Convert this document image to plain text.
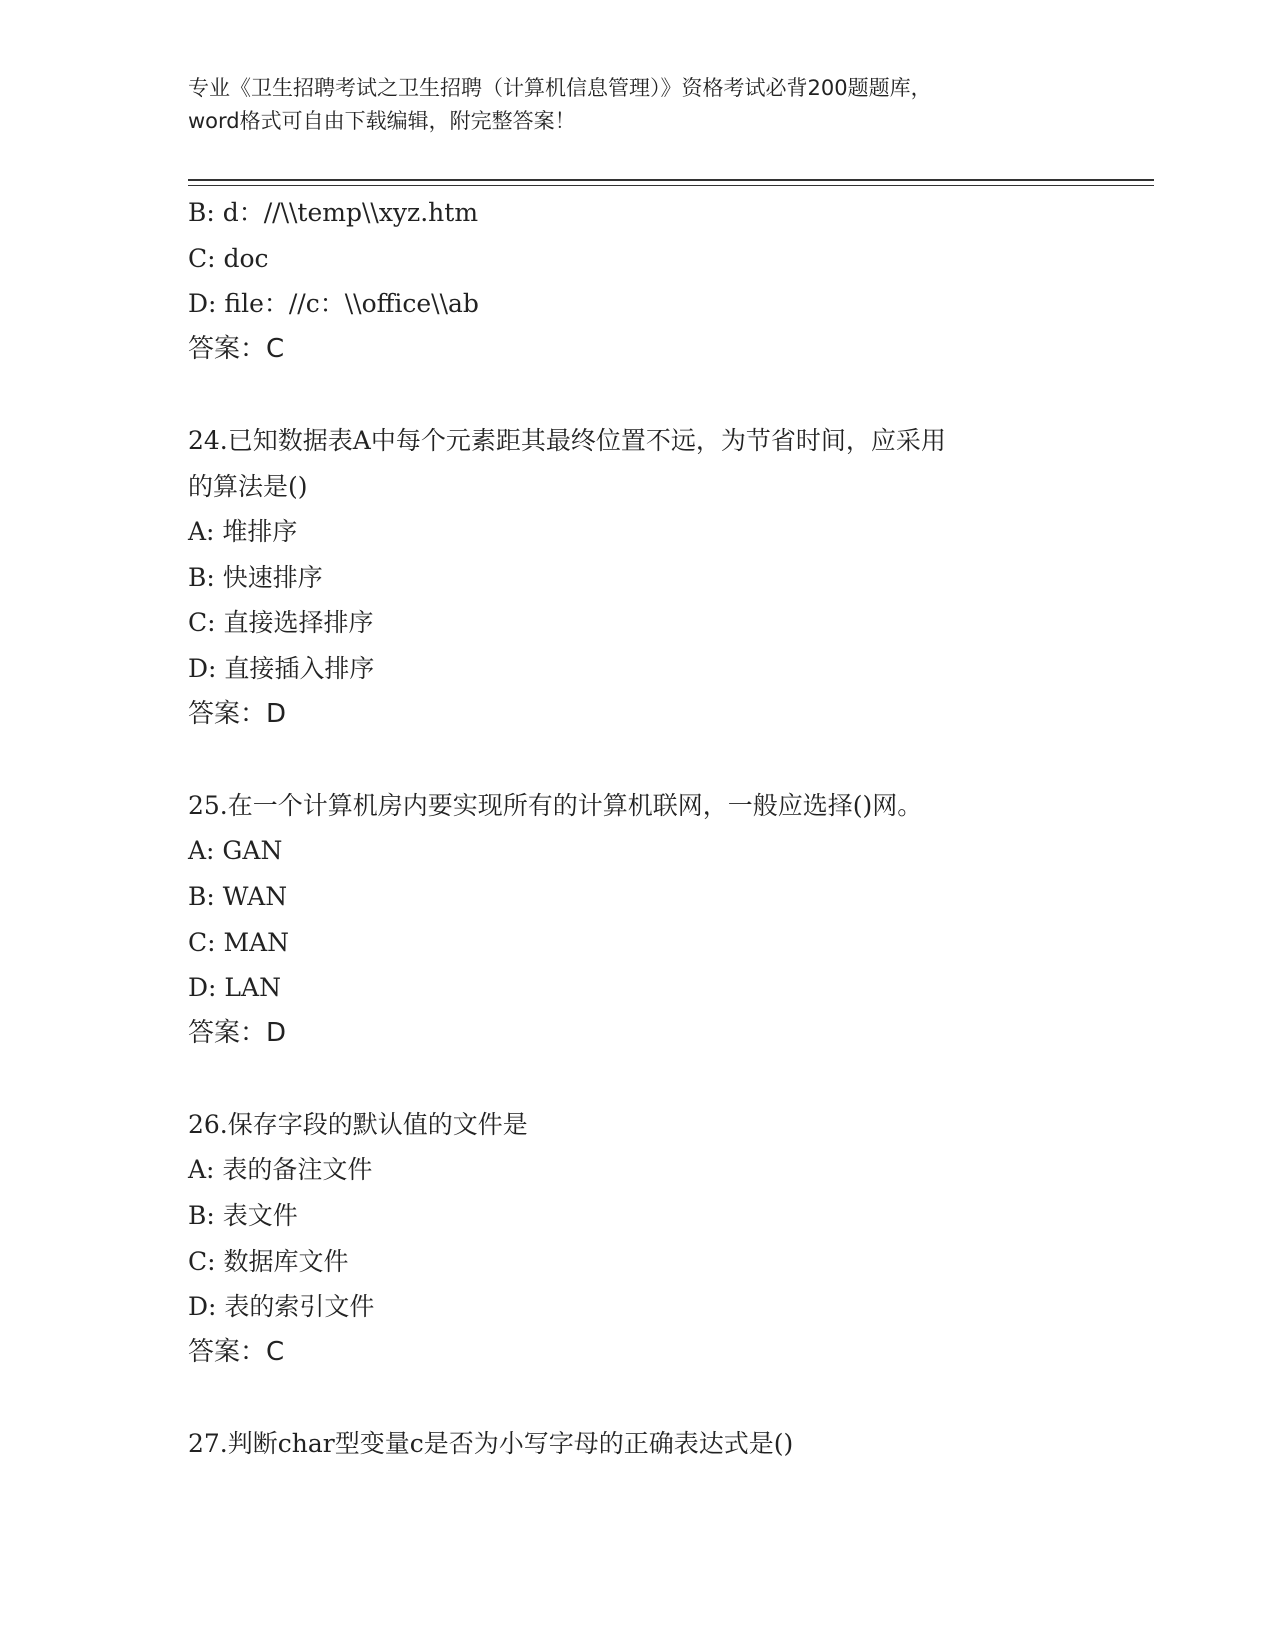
专业《卫生招聘考试之卫生招聘（计算机信息管理）》资格考试必背200题题库，
word格式可自由下载编辑，附完整答案！
B: d：//\\temp\\xyz.htm
C: doc
D: file：//c：\\office\\ab
答案：C
24.已知数据表A中每个元素距其最终位置不远，为节省时间，应采用
的算法是()
A: 堆排序
B: 快速排序
C: 直接选择排序
D: 直接插入排序
答案：D
25.在一个计算机房内要实现所有的计算机联网，一般应选择()网。
A: GAN
B: WAN
C: MAN
D: LAN
答案：D
26.保存字段的默认值的文件是
A: 表的备注文件
B: 表文件
C: 数据库文件
D: 表的索引文件
答案：C
27.判断char型变量c是否为小写字母的正确表达式是()
